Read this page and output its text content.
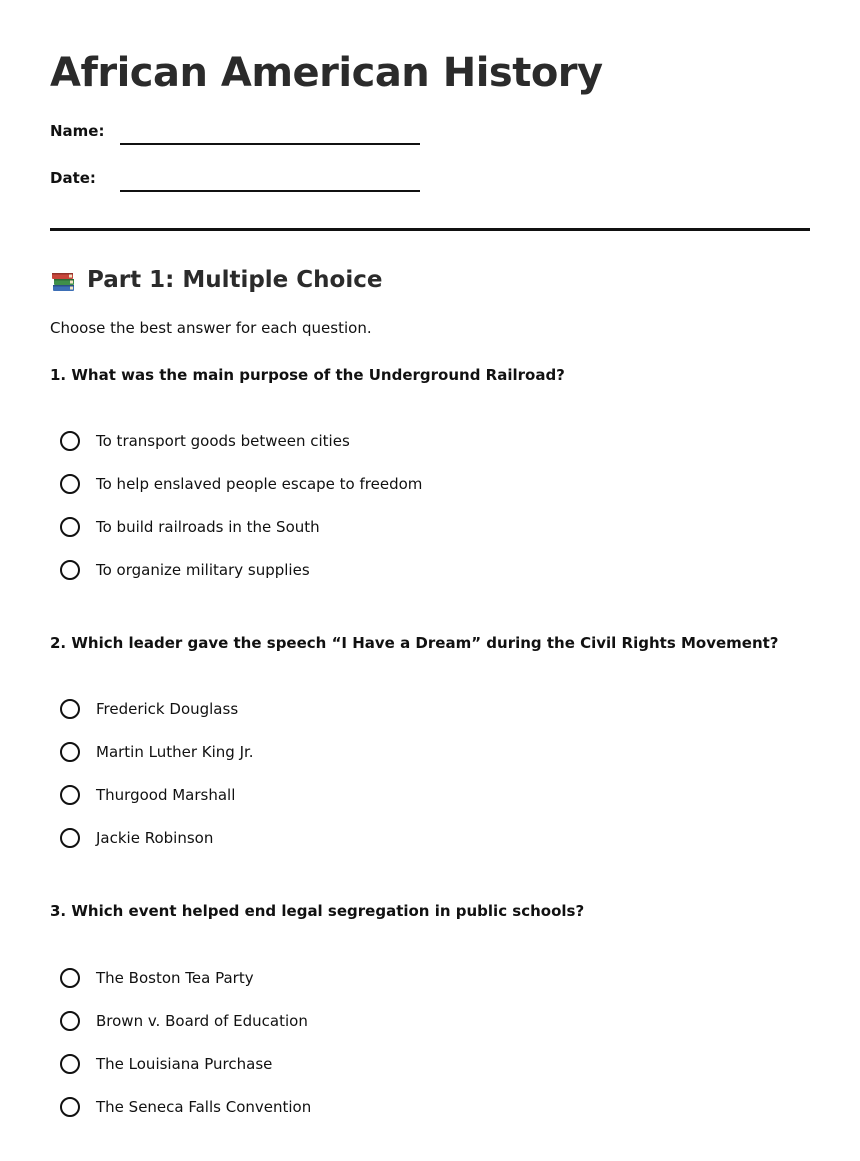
African American History
Name:
Date:
Part 1: Multiple Choice
Choose the best answer for each question.
1. What was the main purpose of the Underground Railroad?
To transport goods between cities
To help enslaved people escape to freedom
To build railroads in the South
To organize military supplies
2. Which leader gave the speech “I Have a Dream” during the Civil Rights Movement?
Frederick Douglass
Martin Luther King Jr.
Thurgood Marshall
Jackie Robinson
3. Which event helped end legal segregation in public schools?
The Boston Tea Party
Brown v. Board of Education
The Louisiana Purchase
The Seneca Falls Convention
